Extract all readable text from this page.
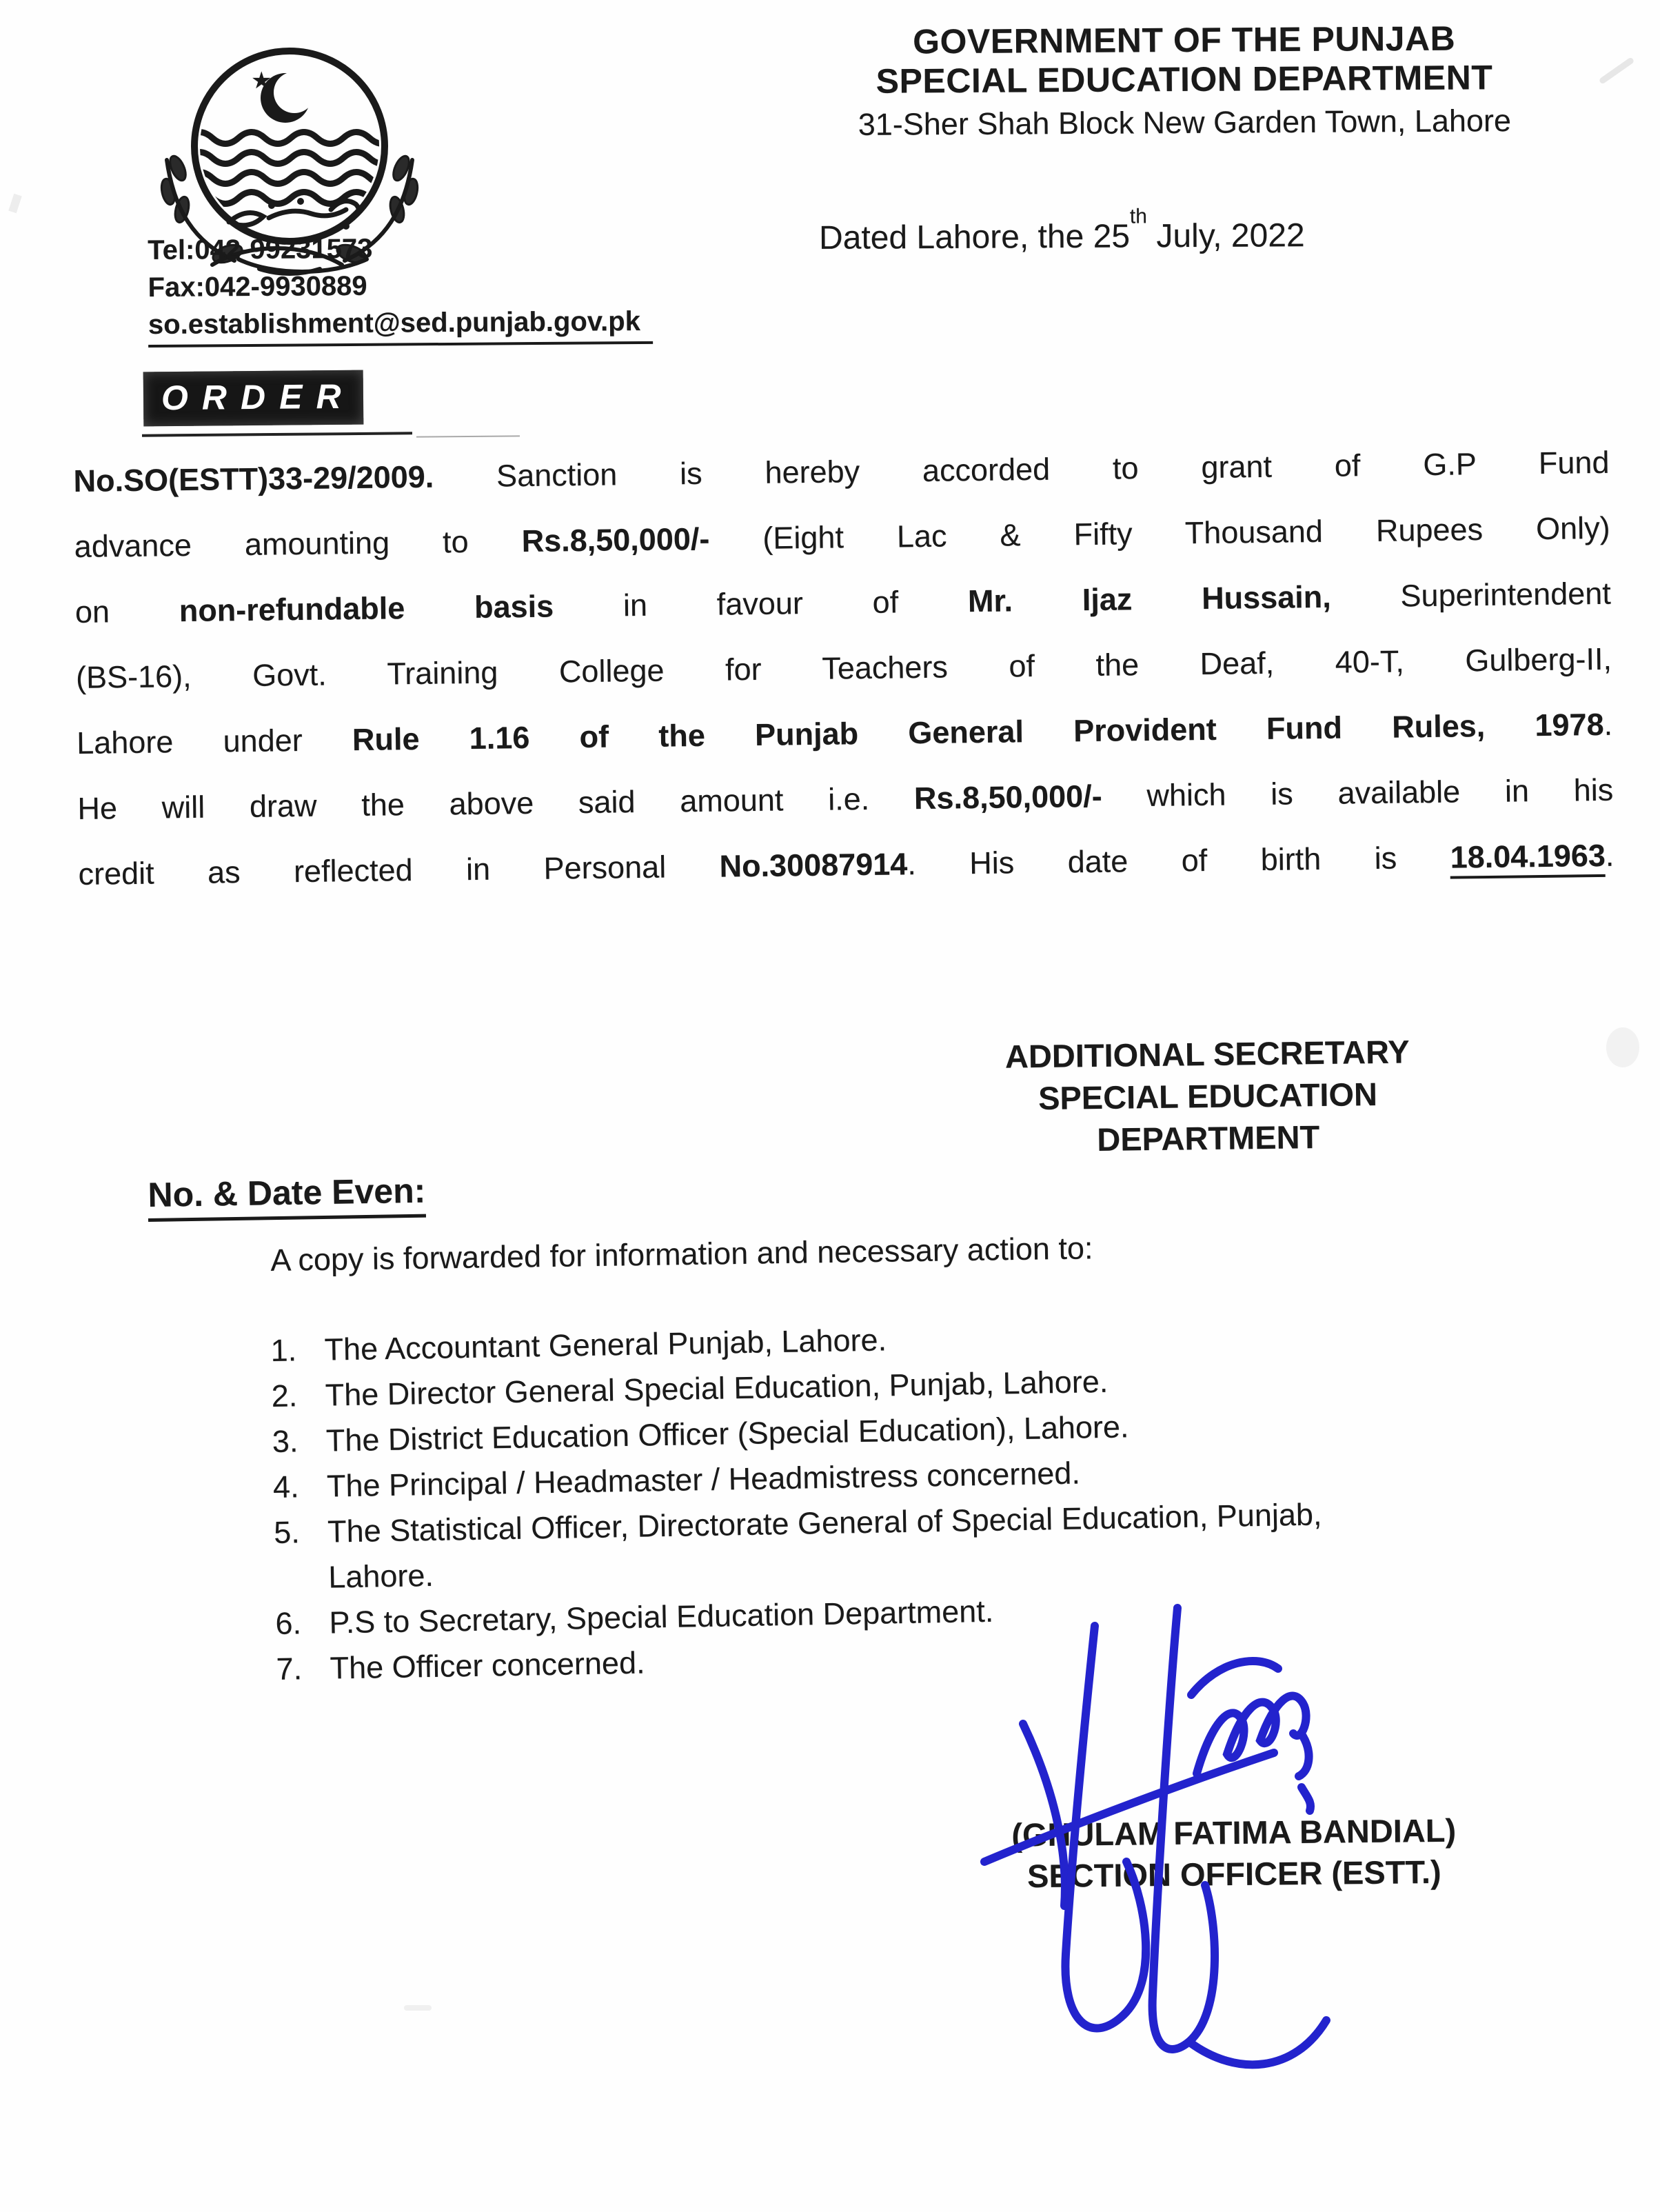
★
Tel:042-99231573
Fax:042-9930889
so.establishment@sed.punjab.gov.pk
GOVERNMENT OF THE PUNJAB
SPECIAL EDUCATION DEPARTMENT
31-Sher Shah Block New Garden Town, Lahore
Dated Lahore, the 25th July, 2022
ORDER
No.SO(ESTT)33-29/2009. Sanction is hereby accorded to grant of G.P Fund
advance amounting to Rs.8,50,000/- (Eight Lac & Fifty Thousand Rupees Only)
on non-refundable basis in favour of Mr. Ijaz Hussain, Superintendent
(BS-16), Govt. Training College for Teachers of the Deaf, 40-T, Gulberg-II,
Lahore under Rule 1.16 of the Punjab General Provident Fund Rules, 1978.
He will draw the above said amount i.e. Rs.8,50,000/- which is available in his
credit as reflected in Personal No.30087914. His date of birth is 18.04.1963.
ADDITIONAL SECRETARY
SPECIAL EDUCATION
DEPARTMENT
No. & Date Even:
A copy is forwarded for information and necessary action to:
1. The Accountant General Punjab, Lahore.
2. The Director General Special Education, Punjab, Lahore.
3. The District Education Officer (Special Education), Lahore.
4. The Principal / Headmaster / Headmistress concerned.
5. The Statistical Officer, Directorate General of Special Education, Punjab, Lahore.
6. P.S to Secretary, Special Education Department.
7. The Officer concerned.
(GHULAM FATIMA BANDIAL)
SECTION OFFICER (ESTT.)
